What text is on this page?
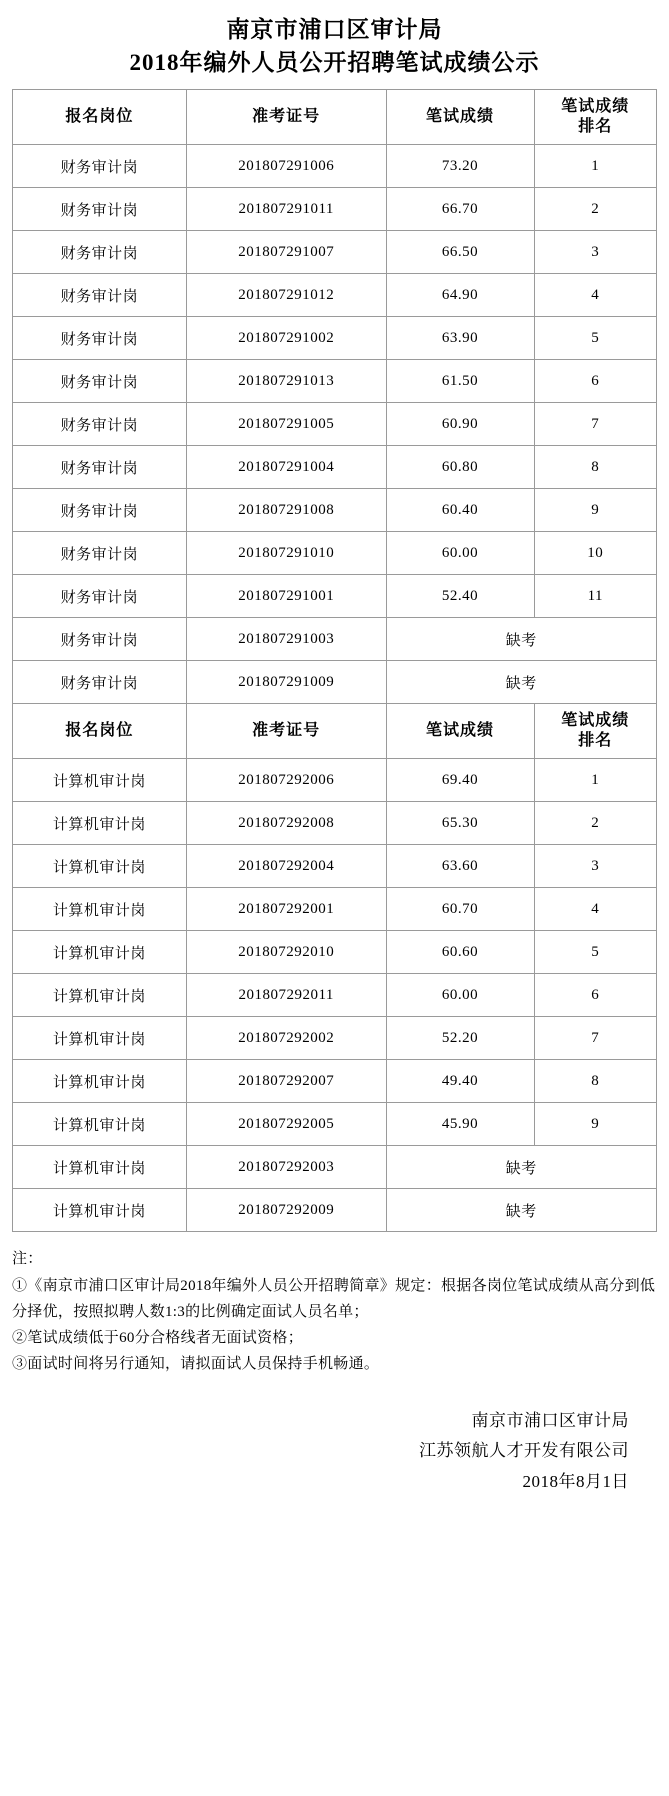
南京市浦口区审计局
2018年编外人员公开招聘笔试成绩公示
报名岗位	准考证号	笔试成绩	笔试成绩
排名

财务审计岗	201807291006	73.20	1
财务审计岗	201807291011	66.70	2
财务审计岗	201807291007	66.50	3
财务审计岗	201807291012	64.90	4
财务审计岗	201807291002	63.90	5
财务审计岗	201807291013	61.50	6
财务审计岗	201807291005	60.90	7
财务审计岗	201807291004	60.80	8
财务审计岗	201807291008	60.40	9
财务审计岗	201807291010	60.00	10
财务审计岗	201807291001	52.40	11
财务审计岗	201807291003	缺考	
财务审计岗	201807291009	缺考	
报名岗位	准考证号	笔试成绩	笔试成绩
排名

计算机审计岗	201807292006	69.40	1
计算机审计岗	201807292008	65.30	2
计算机审计岗	201807292004	63.60	3
计算机审计岗	201807292001	60.70	4
计算机审计岗	201807292010	60.60	5
计算机审计岗	201807292011	60.00	6
计算机审计岗	201807292002	52.20	7
计算机审计岗	201807292007	49.40	8
计算机审计岗	201807292005	45.90	9
计算机审计岗	201807292003	缺考	
计算机审计岗	201807292009	缺考	
注：
①《南京市浦口区审计局2018年编外人员公开招聘简章》规定：根据各岗位笔试成绩从高分到低分择优，按照拟聘人数1:3的比例确定面试人员名单；
②笔试成绩低于60分合格线者无面试资格；
③面试时间将另行通知，请拟面试人员保持手机畅通。
南京市浦口区审计局
江苏领航人才开发有限公司
2018年8月1日
